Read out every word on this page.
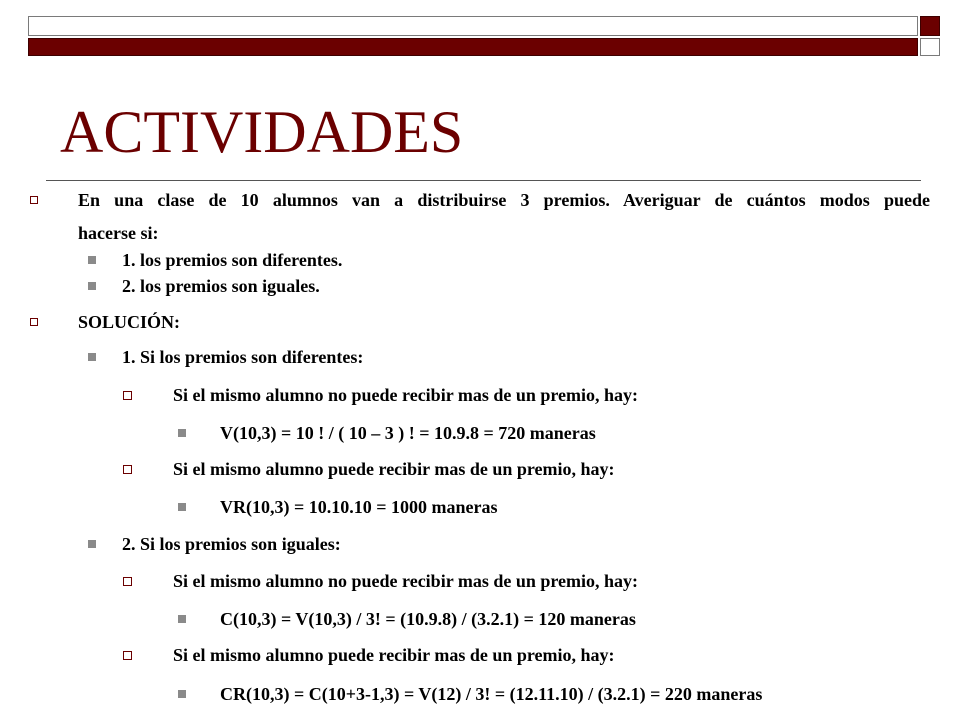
ACTIVIDADES
En una clase de 10 alumnos van a distribuirse 3 premios. Averiguar de cuántos modos puede
hacerse si:
1. los premios son diferentes.
2. los premios son iguales.
SOLUCIÓN:
1. Si los premios son diferentes:
Si el mismo alumno no puede recibir mas de un premio, hay:
V(10,3) = 10 ! / ( 10 – 3 ) ! = 10.9.8 = 720 maneras
Si el mismo alumno puede recibir mas de un premio, hay:
VR(10,3) = 10.10.10 = 1000 maneras
2. Si los premios son iguales:
Si el mismo alumno no puede recibir mas de un premio, hay:
C(10,3) = V(10,3) / 3! = (10.9.8) / (3.2.1) = 120 maneras
Si el mismo alumno puede recibir mas de un premio, hay:
CR(10,3) = C(10+3-1,3) = V(12) / 3! = (12.11.10) / (3.2.1) = 220 maneras
